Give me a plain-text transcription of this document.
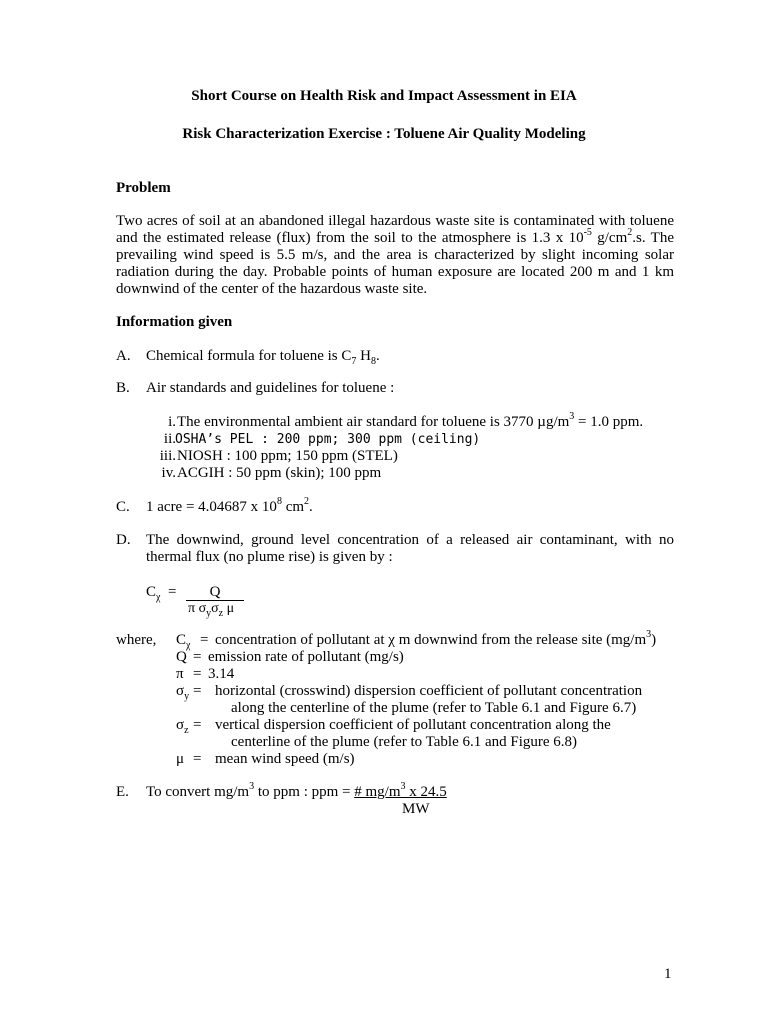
Short Course on Health Risk and Impact Assessment in EIA
Risk Characterization Exercise : Toluene Air Quality Modeling
Problem
Two acres of soil at an abandoned illegal hazardous waste site is contaminated with toluene and the estimated release (flux) from the soil to the atmosphere is 1.3 x $10^{-5}$ $g/cm^2.s$. The prevailing wind speed is 5.5 m/s, and the area is characterized by slight incoming solar radiation during the day. Probable points of human exposure are located 200 m and 1 km downwind of the center of the hazardous waste site.
Information given
A. Chemical formula for toluene is $C_7$ $H_8$.
B. Air standards and guidelines for toluene :
i. The environmental ambient air standard for toluene is 3770 $\mu g/m^3 = 1.0$ ppm.
ii. OSHA’s PEL : 200 ppm; 300 ppm (ceiling)
iii. NIOSH : 100 ppm; 150 ppm (STEL)
iv. ACGIH : 50 ppm (skin); 100 ppm
C. 1 acre = 4.04687 x $10^8$ $cm^2$.
D. The downwind, ground level concentration of a released air contaminant, with no thermal flux (no plume rise) is given by :
$C_\chi$ =	Q
π $\sigma_y\sigma_z$ μ
where, $C_\chi$ = concentration of pollutant at χ m downwind from the release site $(mg/m^3)$
Q = emission rate of pollutant (mg/s)
π = 3.14
$\sigma_y$ = horizontal (crosswind) dispersion coefficient of pollutant concentration
along the centerline of the plume (refer to Table 6.1 and Figure 6.7)
$\sigma_z$ = vertical dispersion coefficient of pollutant concentration along the
centerline of the plume (refer to Table 6.1 and Figure 6.8)
μ = mean wind speed (m/s)
E. To convert $mg/m^3$ to ppm : ppm = # $mg/m^3$ x 24.5
MW
1
